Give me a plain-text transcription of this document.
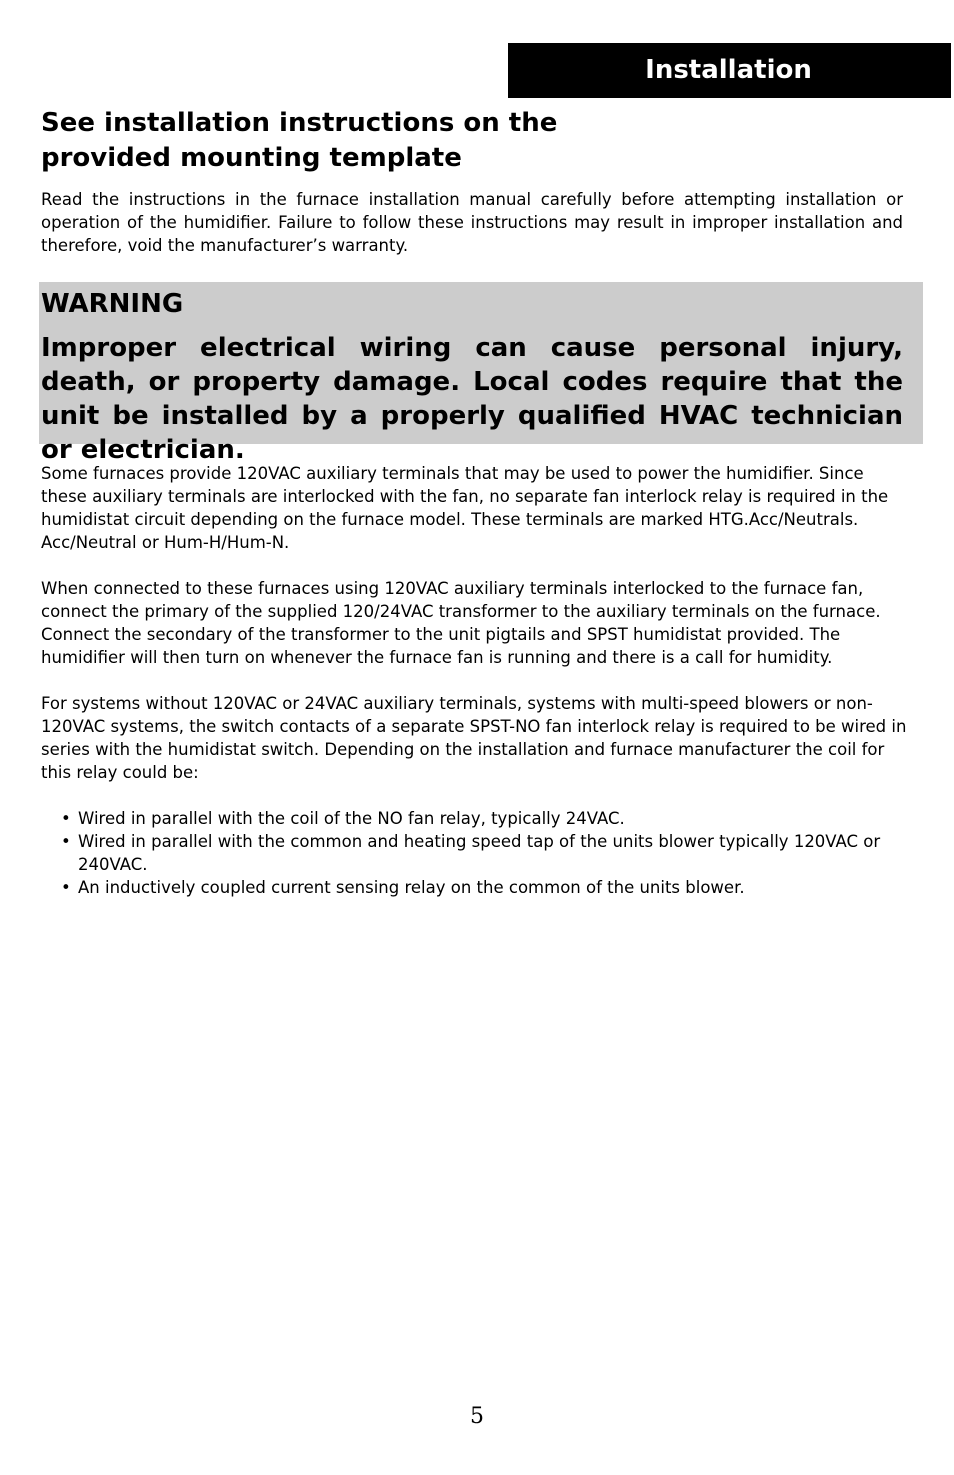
Installation
See installation instructions on the provided mounting template

Read the instructions in the furnace installation manual carefully before attempting installation or operation of the humidifier. Failure to follow these instructions may result in improper installation and therefore, void the manufacturer’s warranty.

WARNING

Improper electrical wiring can cause personal injury, death, or property damage. Local codes require that the unit be installed by a properly qualified HVAC technician or electrician.

Some furnaces provide 120VAC auxiliary terminals that may be used to power the humidifier. Since these auxiliary terminals are interlocked with the fan, no separate fan interlock relay is required in the humidistat circuit depending on the furnace model. These terminals are marked HTG.Acc/Neutrals. Acc/Neutral or Hum-H/Hum-N.

When connected to these furnaces using 120VAC auxiliary terminals interlocked to the furnace fan, connect the primary of the supplied 120/24VAC transformer to the auxiliary terminals on the furnace. Connect the secondary of the transformer to the unit pigtails and SPST humidistat provided. The humidifier will then turn on whenever the furnace fan is running and there is a call for humidity.

For systems without 120VAC or 24VAC auxiliary terminals, systems with multi-speed blowers or non-120VAC systems, the switch contacts of a separate SPST-NO fan interlock relay is required to be wired in series with the humidistat switch. Depending on the installation and furnace manufacturer the coil for this relay could be:

• Wired in parallel with the coil of the NO fan relay, typically 24VAC.
• Wired in parallel with the common and heating speed tap of the units blower typically 120VAC or 240VAC.
• An inductively coupled current sensing relay on the common of the units blower.
5
